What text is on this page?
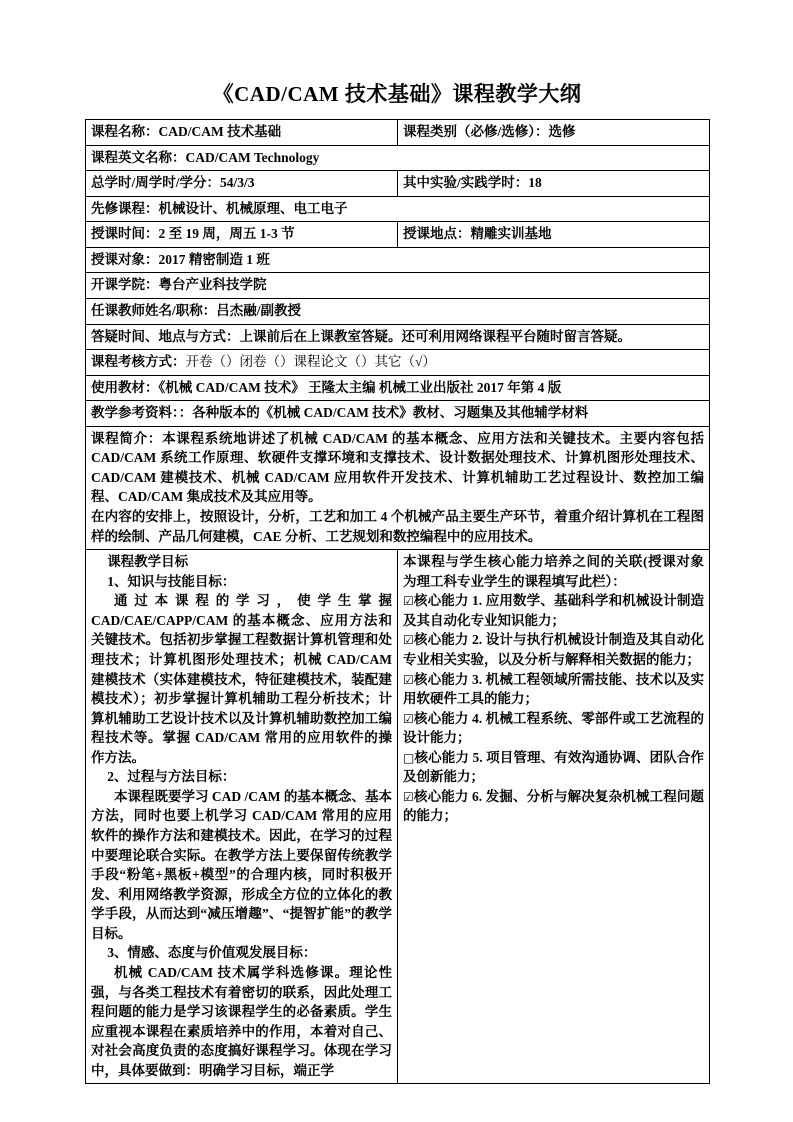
《CAD/CAM 技术基础》课程教学大纲
课程名称：CAD/CAM 技术基础	课程类别（必修/选修）：选修
课程英文名称：CAD/CAM Technology	
总学时/周学时/学分：54/3/3	其中实验/实践学时：18
先修课程：机械设计、机械原理、电工电子	
授课时间：2 至 19 周，周五 1-3 节	授课地点：精雕实训基地
授课对象：2017 精密制造 1 班	
开课学院：粤台产业科技学院	
任课教师姓名/职称：吕杰融/副教授	
答疑时间、地点与方式：上课前后在上课教室答疑。还可利用网络课程平台随时留言答疑。	
课程考核方式：开卷（）闭卷（）课程论文（）其它（√）	
使用教材：《机械 CAD/CAM 技术》 王隆太主编 机械工业出版社 2017 年第 4 版	
教学参考资料：：各种版本的《机械 CAD/CAM 技术》教材、习题集及其他辅学材料	

课程简介：本课程系统地讲述了机械 CAD/CAM 的基本概念、应用方法和关键技术。主要内容包括 CAD/CAM 系统工作原理、软硬件支撑环境和支撑技术、设计数据处理技术、计算机图形处理技术、CAD/CAM 建模技术、机械 CAD/CAM 应用软件开发技术、计算机辅助工艺过程设计、数控加工编程、CAD/CAM 集成技术及其应用等。

在内容的安排上，按照设计，分析，工艺和加工 4 个机械产品主要生产环节，着重介绍计算机在工程图样的绘制、产品几何建模，CAE 分析、工艺规划和数控编程中的应用技术。	

课程教学目标

1、知识与技能目标：

通过本课程的学习，使学生掌握 CAD/CAE/CAPP/CAM 的基本概念、应用方法和关键技术。包括初步掌握工程数据计算机管理和处理技术；计算机图形处理技术；机械 CAD/CAM 建模技术（实体建模技术，特征建模技术，装配建模技术）；初步掌握计算机辅助工程分析技术；计算机辅助工艺设计技术以及计算机辅助数控加工编程技术等。掌握 CAD/CAM 常用的应用软件的操作方法。

2、过程与方法目标：

本课程既要学习 CAD /CAM 的基本概念、基本方法，同时也要上机学习 CAD/CAM 常用的应用软件的操作方法和建模技术。因此，在学习的过程中要理论联合实际。在教学方法上要保留传统教学手段“粉笔+黑板+模型”的合理内核，同时积极开发、利用网络教学资源，形成全方位的立体化的教学手段，从而达到“减压增趣”、“提智扩能”的教学目标。

3、情感、态度与价值观发展目标：

机械 CAD/CAM 技术属学科选修课。理论性强，与各类工程技术有着密切的联系，因此处理工程问题的能力是学习该课程学生的必备素质。学生应重视本课程在素质培养中的作用，本着对自己、对社会高度负责的态度搞好课程学习。体现在学习中，具体要做到：明确学习目标，端正学

本课程与学生核心能力培养之间的关联(授课对象为理工科专业学生的课程填写此栏）：

☑核心能力 1. 应用数学、基础科学和机械设计制造及其自动化专业知识能力；

☑核心能力 2. 设计与执行机械设计制造及其自动化专业相关实验，以及分析与解释相关数据的能力；

☑核心能力 3. 机械工程领域所需技能、技术以及实用软硬件工具的能力；

☑核心能力 4. 机械工程系统、零部件或工艺流程的设计能力；

□核心能力 5. 项目管理、有效沟通协调、团队合作及创新能力；

☑核心能力 6. 发掘、分析与解决复杂机械工程问题的能力；
